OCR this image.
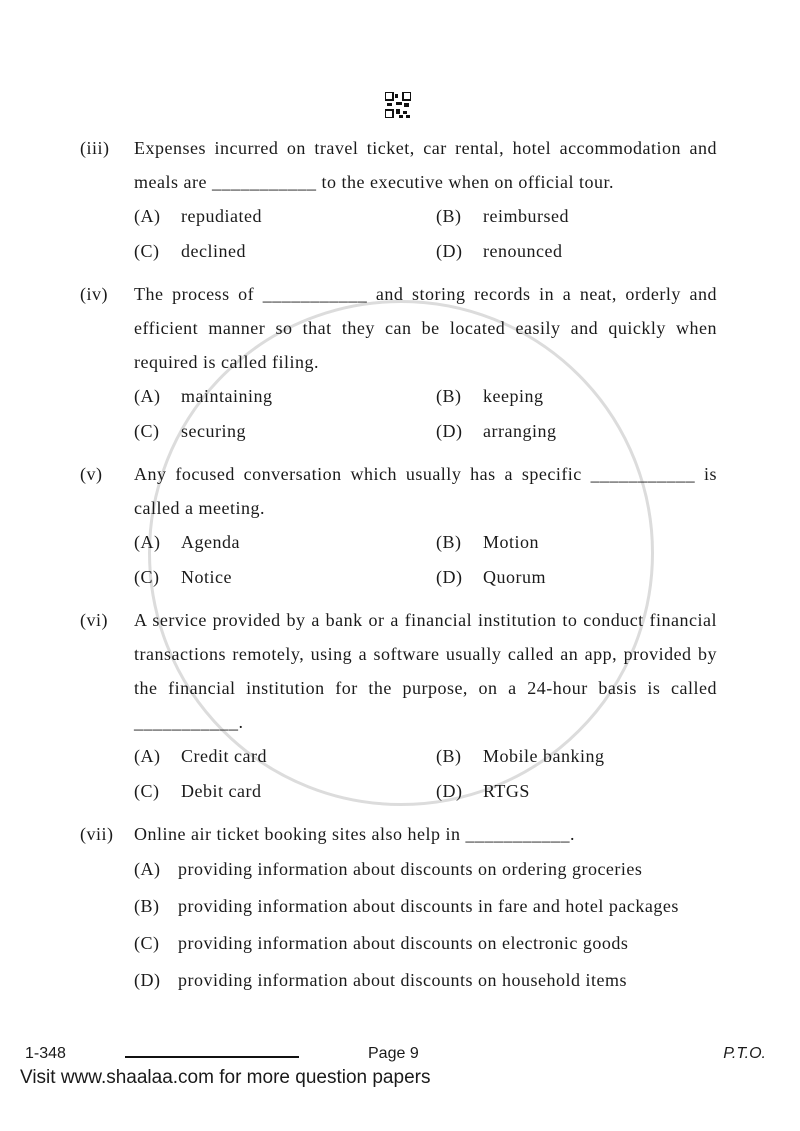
(iii) Expenses incurred on travel ticket, car rental, hotel accommodation and meals are ___________ to the executive when on official tour.
(A)	repudiated	(B)	reimbursed
(C)	declined	(D)	renounced
(iv) The process of ___________ and storing records in a neat, orderly and efficient manner so that they can be located easily and quickly when required is called filing.
(A)	maintaining	(B)	keeping
(C)	securing	(D)	arranging
(v) Any focused conversation which usually has a specific ___________ is called a meeting.
(A)	Agenda	(B)	Motion
(C)	Notice	(D)	Quorum
(vi) A service provided by a bank or a financial institution to conduct financial transactions remotely, using a software usually called an app, provided by the financial institution for the purpose, on a 24-hour basis is called ___________.
(A)	Credit card	(B)	Mobile banking
(C)	Debit card	(D)	RTGS
(vii) Online air ticket booking sites also help in ___________.
(A) providing information about discounts on ordering groceries
(B)	providing information about discounts in fare and hotel packages
(C)	providing information about discounts on electronic goods
(D) providing information about discounts on household items
1-348	Page 9	P.T.O.
Visit www.shaalaa.com for more question papers
